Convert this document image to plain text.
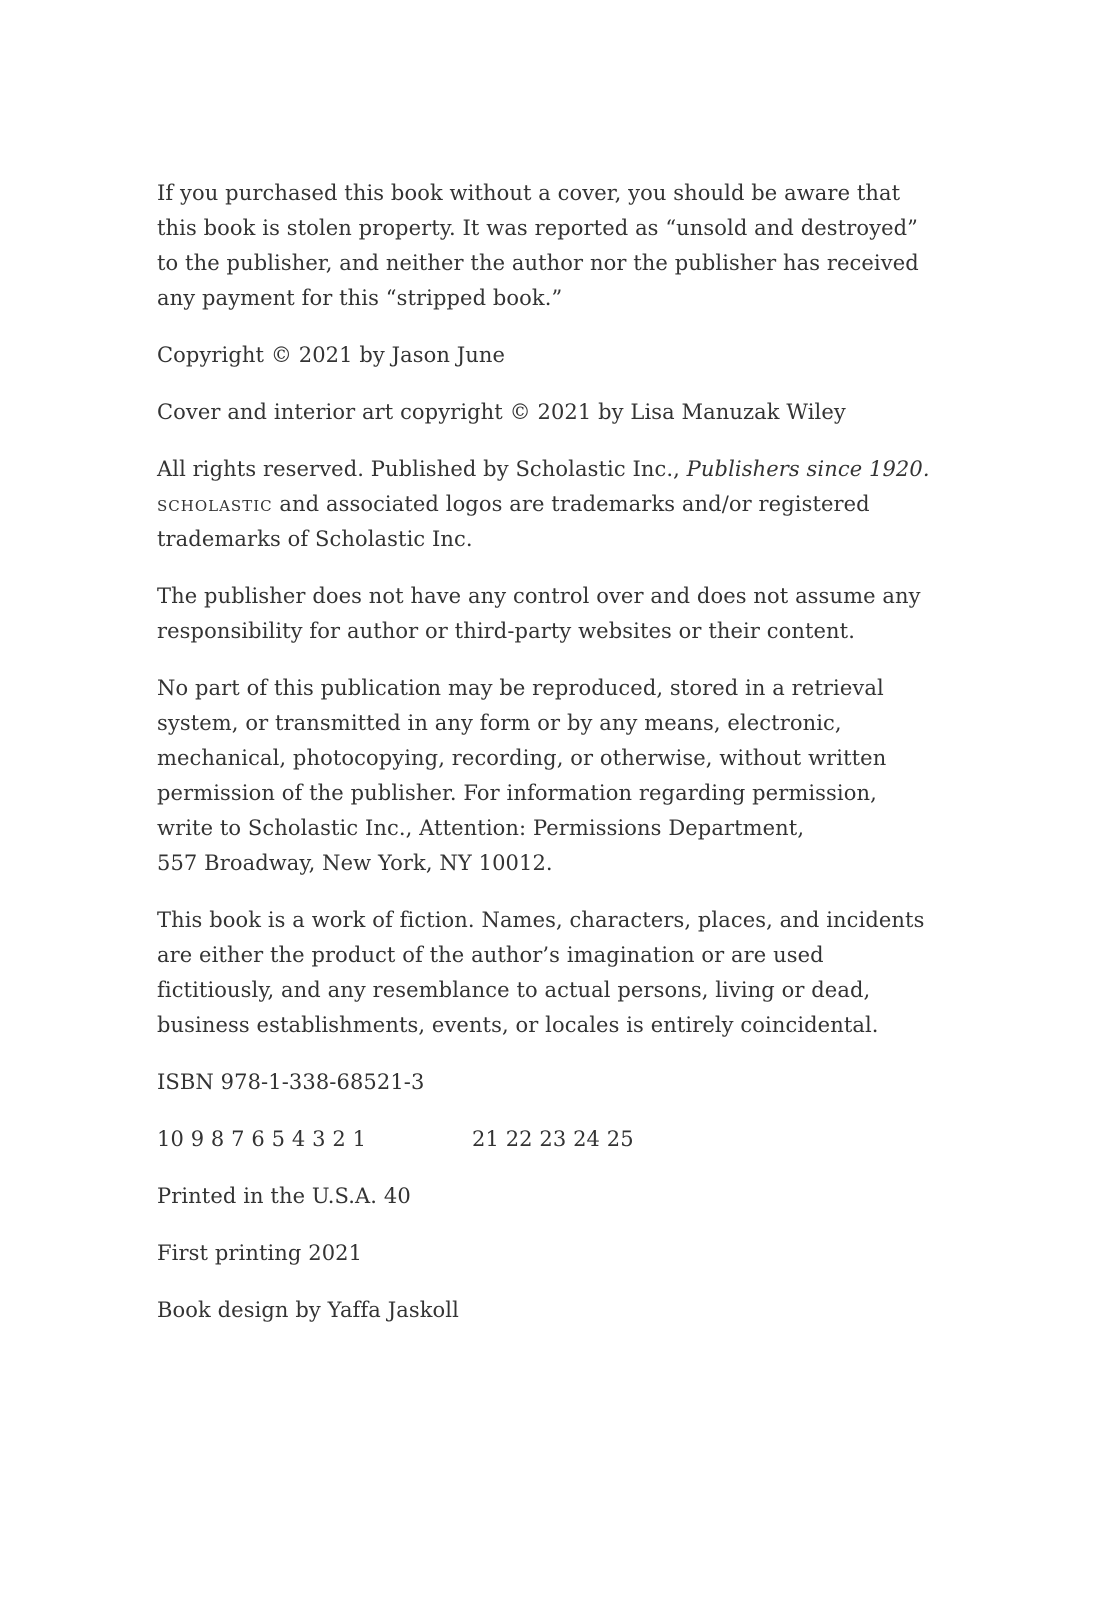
If you purchased this book without a cover, you should be aware that
this book is stolen property. It was reported as “unsold and destroyed”
to the publisher, and neither the author nor the publisher has received
any payment for this “stripped book.”

Copyright © 2021 by Jason June

Cover and interior art copyright © 2021 by Lisa Manuzak Wiley

All rights reserved. Published by Scholastic Inc., Publishers since 1920.
scholastic and associated logos are trademarks and/or registered
trademarks of Scholastic Inc.

The publisher does not have any control over and does not assume any
responsibility for author or third-party websites or their content.

No part of this publication may be reproduced, stored in a retrieval
system, or transmitted in any form or by any means, electronic,
mechanical, photocopying, recording, or otherwise, without written
permission of the publisher. For information regarding permission,
write to Scholastic Inc., Attention: Permissions Department,
557 Broadway, New York, NY 10012.

This book is a work of fiction. Names, characters, places, and incidents
are either the product of the author’s imagination or are used
fictitiously, and any resemblance to actual persons, living or dead,
business establishments, events, or locales is entirely coincidental.

ISBN 978-1-338-68521-3

10 9 8 7 6 5 4 3 2 1	21 22 23 24 25

Printed in the U.S.A. 40

First printing 2021

Book design by Yaffa Jaskoll
